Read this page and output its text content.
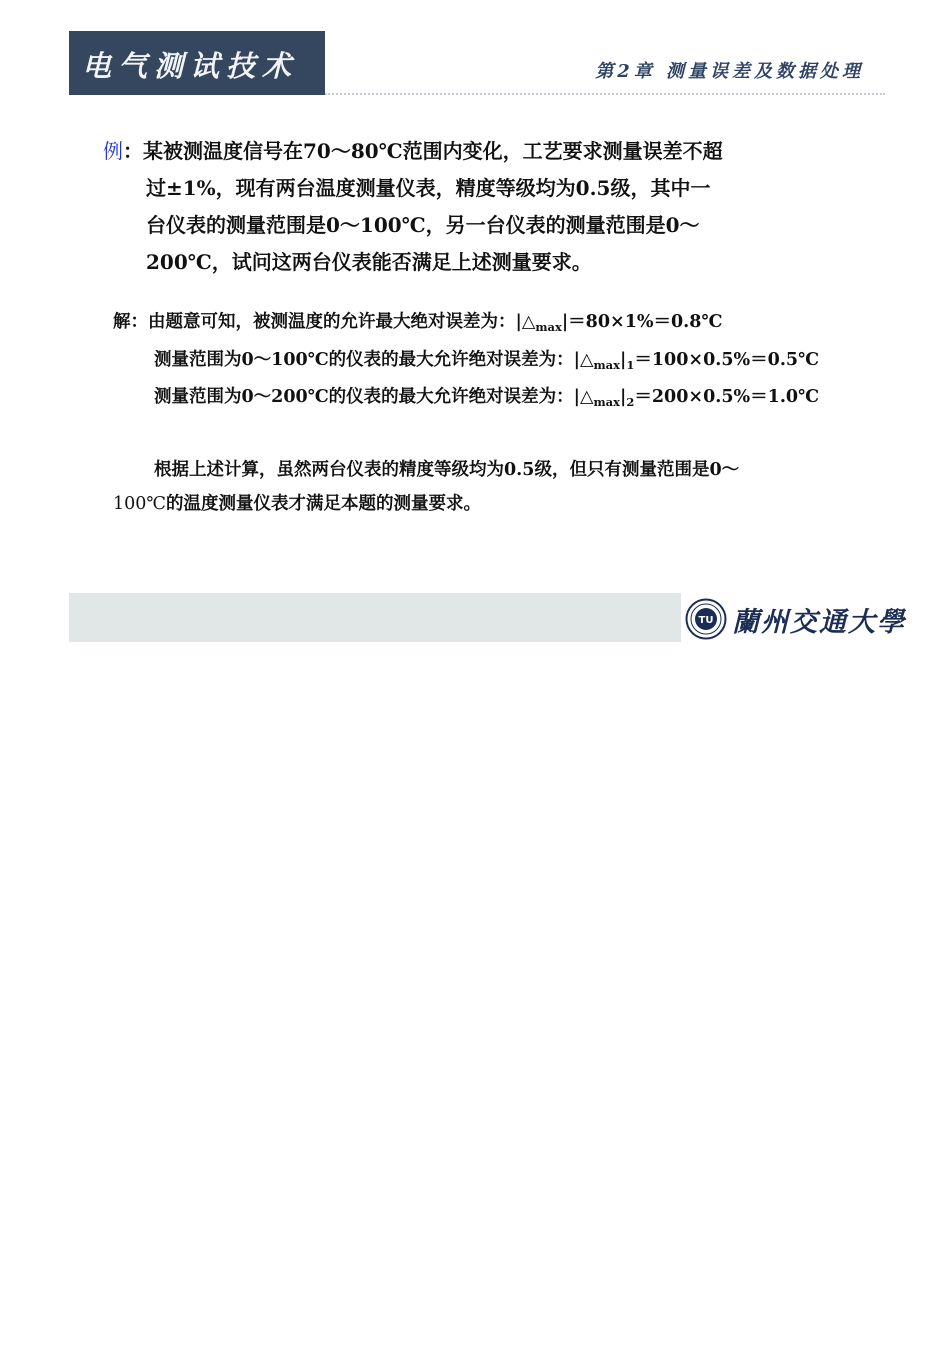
电气测试技术	第2章 测量误差及数据处理
例：某被测温度信号在70～80℃范围内变化，工艺要求测量误差不超
过±1%，现有两台温度测量仪表，精度等级均为0.5级，其中一
台仪表的测量范围是0～100℃，另一台仪表的测量范围是0～
200℃，试问这两台仪表能否满足上述测量要求。
解：由题意可知，被测温度的允许最大绝对误差为：$|\triangle_{max}|=80\times 1\%=0.8℃$
测量范围为0～100℃的仪表的最大允许绝对误差为：$|\triangle_{max}|_1=100\times 0.5\%=0.5℃$
测量范围为0～200℃的仪表的最大允许绝对误差为：$|\triangle_{max}|_2=200\times 0.5\%=1.0℃$
根据上述计算，虽然两台仪表的精度等级均为0.5级，但只有测量范围是0～
100℃的温度测量仪表才满足本题的测量要求。
TU 蘭州交通大學
